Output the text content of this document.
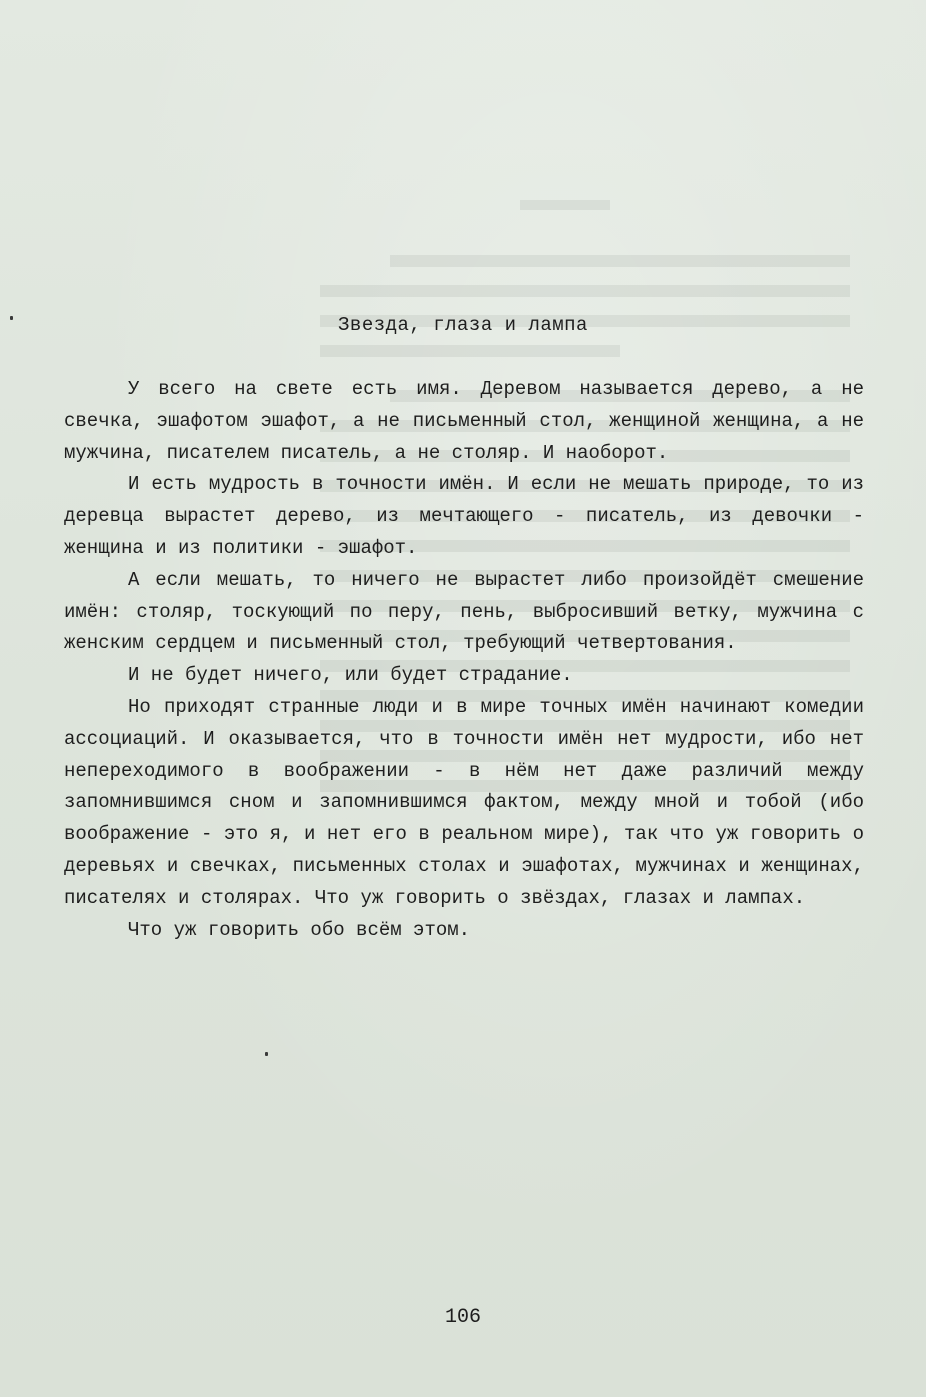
Звезда, глаза и лампа

У всего на свете есть имя. Деревом называется дерево, а не свечка, эшафотом эшафот, а не письменный стол, женщиной женщина, а не мужчина, писателем писатель, а не столяр. И наоборот.

И есть мудрость в точности имён. И если не мешать природе, то из деревца вырастет дерево, из мечтающего - писатель, из девочки - женщина и из политики - эшафот.

А если мешать, то ничего не вырастет либо произойдёт смешение имён: столяр, тоскующий по перу, пень, выбросивший ветку, мужчина с женским сердцем и письменный стол, требующий четвертования.

И не будет ничего, или будет страдание.

Но приходят странные люди и в мире точных имён начинают комедии ассоциаций. И оказывается, что в точности имён нет мудрости, ибо нет непереходимого в воображении - в нём нет даже различий между запомнившимся сном и запомнившимся фактом, между мной и тобой (ибо воображение - это я, и нет его в реальном мире), так что уж говорить о деревьях и свечках, письменных столах и эшафотах, мужчинах и женщинах, писателях и столярах. Что уж говорить о звёздах, глазах и лампах.

Что уж говорить обо всём этом.

106
